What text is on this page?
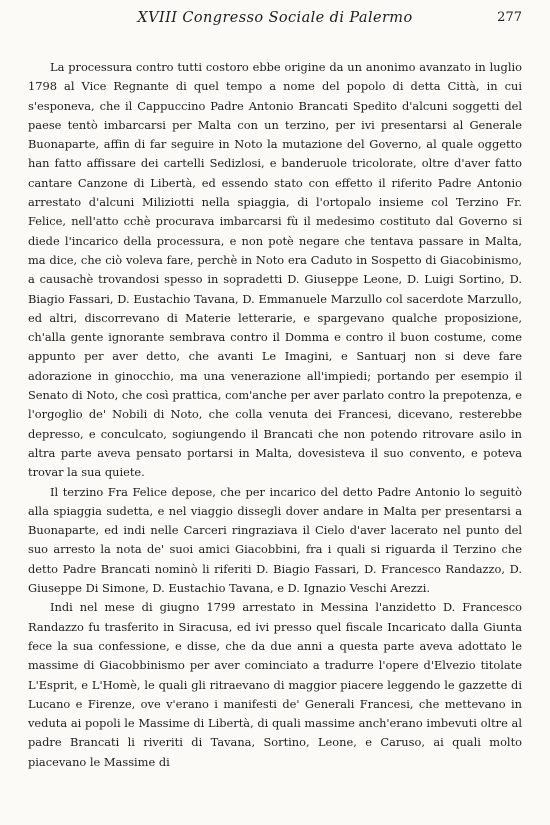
XVIII Congresso Sociale di Palermo	277

La processura contro tutti costoro ebbe origine da un anonimo avanzato in luglio 1798 al Vice Regnante di quel tempo a nome del popolo di detta Città, in cui s'esponeva, che il Cappuccino Padre Antonio Brancati Spedito d'alcuni soggetti del paese tentò imbarcarsi per Malta con un terzino, per ivi presentarsi al Generale Buonaparte, affin di far seguire in Noto la mutazione del Governo, al quale oggetto han fatto affissare dei cartelli Sedizlosi, e banderuole tricolorate, oltre d'aver fatto cantare Canzone di Libertà, ed essendo stato con effetto il riferito Padre Antonio arrestato d'alcuni Miliziotti nella spiaggia, di l'ortopalo insieme col Terzino Fr. Felice, nell'atto cchè procurava imbarcarsi fù il medesimo costituto dal Governo si diede l'incarico della processura, e non potè negare che tentava passare in Malta, ma dice, che ciò voleva fare, perchè in Noto era Caduto in Sospetto di Giacobinismo, a causachè trovandosi spesso in sopradetti D. Giuseppe Leone, D. Luigi Sortino, D. Biagio Fassari, D. Eustachio Tavana, D. Emmanuele Marzullo col sacerdote Marzullo, ed altri, discorrevano di Materie letterarie, e spargevano qualche proposizione, ch'alla gente ignorante sembrava contro il Domma e contro il buon costume, come appunto per aver detto, che avanti Le Imagini, e Santuarj non si deve fare adorazione in ginocchio, ma una venerazione all'impiedi; portando per esempio il Senato di Noto, che così prattica, com'anche per aver parlato contro la prepotenza, e l'orgoglio de' Nobili di Noto, che colla venuta dei Francesi, dicevano, resterebbe depresso, e conculcato, sogiungendo il Brancati che non potendo ritrovare asilo in altra parte aveva pensato portarsi in Malta, dovesisteva il suo convento, e poteva trovar la sua quiete.

Il terzino Fra Felice depose, che per incarico del detto Padre Antonio lo seguitò alla spiaggia sudetta, e nel viaggio dissegli dover andare in Malta per presentarsi a Buonaparte, ed indi nelle Carceri ringraziava il Cielo d'aver lacerato nel punto del suo arresto la nota de' suoi amici Giacobbini, fra i quali si riguarda il Terzino che detto Padre Brancati nominò li riferiti D. Biagio Fassari, D. Francesco Randazzo, D. Giuseppe Di Simone, D. Eustachio Tavana, e D. Ignazio Veschi Arezzi.

Indi nel mese di giugno 1799 arrestato in Messina l'anzidetto D. Francesco Randazzo fu trasferito in Siracusa, ed ivi presso quel fiscale Incaricato dalla Giunta fece la sua confessione, e disse, che da due anni a questa parte aveva adottato le massime di Giacobbinismo per aver cominciato a tradurre l'opere d'Elvezio titolate L'Esprit, e L'Homè, le quali gli ritraevano di maggior piacere leggendo le gazzette di Lucano e Firenze, ove v'erano i manifesti de' Generali Francesi, che mettevano in veduta ai popoli le Massime di Libertà, di quali massime anch'erano imbevuti oltre al padre Brancati li riveriti di Tavana, Sortino, Leone, e Caruso, ai quali molto piacevano le Massime di
